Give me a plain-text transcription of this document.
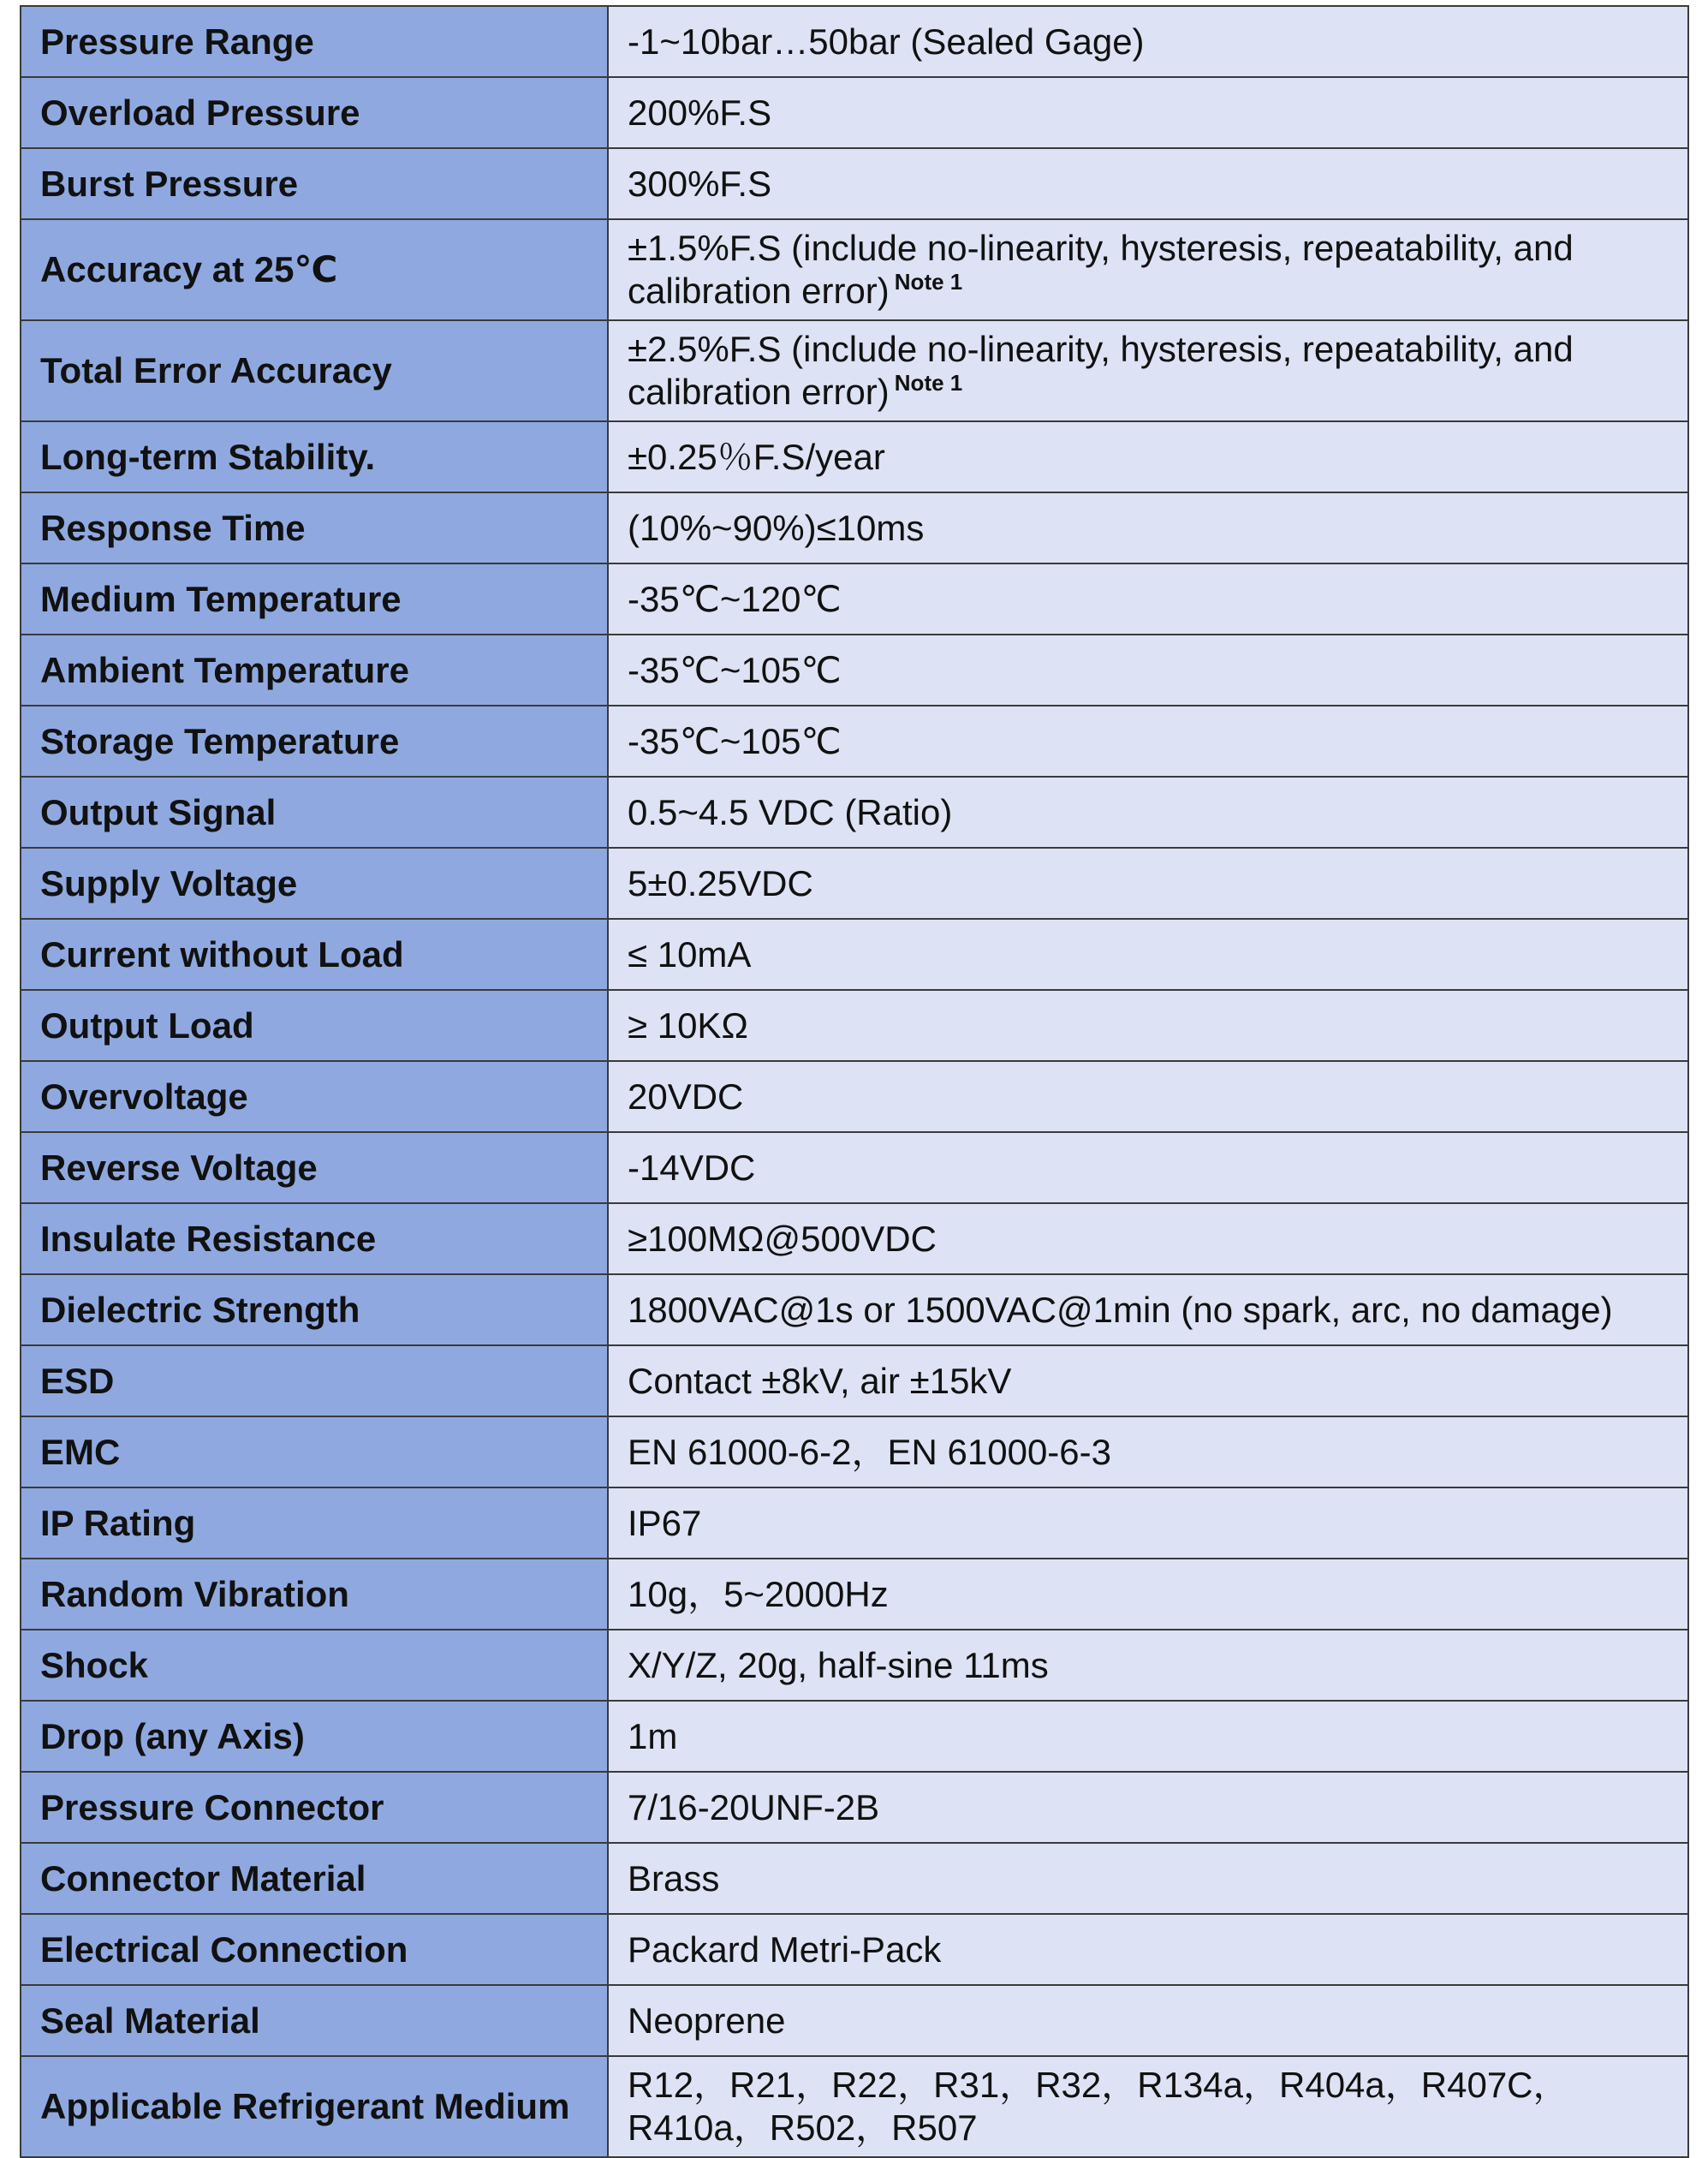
Pressure Range	-1~10bar…50bar (Sealed Gage)
Overload Pressure	200%F.S
Burst Pressure	300%F.S
Accuracy at 25℃	±1.5%F.S (include no-linearity, hysteresis, repeatability, and calibration error) $^{Note 1}$
Total Error Accuracy	±2.5%F.S (include no-linearity, hysteresis, repeatability, and calibration error) $^{Note 1}$
Long-term Stability.	±0.25％F.S/year
Response Time	(10%~90%)≤10ms
Medium Temperature	-35℃~120℃
Ambient Temperature	-35℃~105℃
Storage Temperature	-35℃~105℃
Output Signal	0.5~4.5 VDC (Ratio)
Supply Voltage	5±0.25VDC
Current without Load	≤ 10mA
Output Load	≥ 10KΩ
Overvoltage	20VDC
Reverse Voltage	-14VDC
Insulate Resistance	≥100MΩ@500VDC
Dielectric Strength	1800VAC@1s or 1500VAC@1min (no spark, arc, no damage)
ESD	Contact ±8kV, air ±15kV
EMC	EN 61000-6-2，EN 61000-6-3
IP Rating	IP67
Random Vibration	10g，5~2000Hz
Shock	X/Y/Z, 20g, half-sine 11ms
Drop (any Axis)	1m
Pressure Connector	7/16-20UNF-2B
Connector Material	Brass
Electrical Connection	Packard Metri-Pack
Seal Material	Neoprene
Applicable Refrigerant Medium	R12，R21，R22，R31，R32，R134a，R404a，R407C，R410a，R502，R507
